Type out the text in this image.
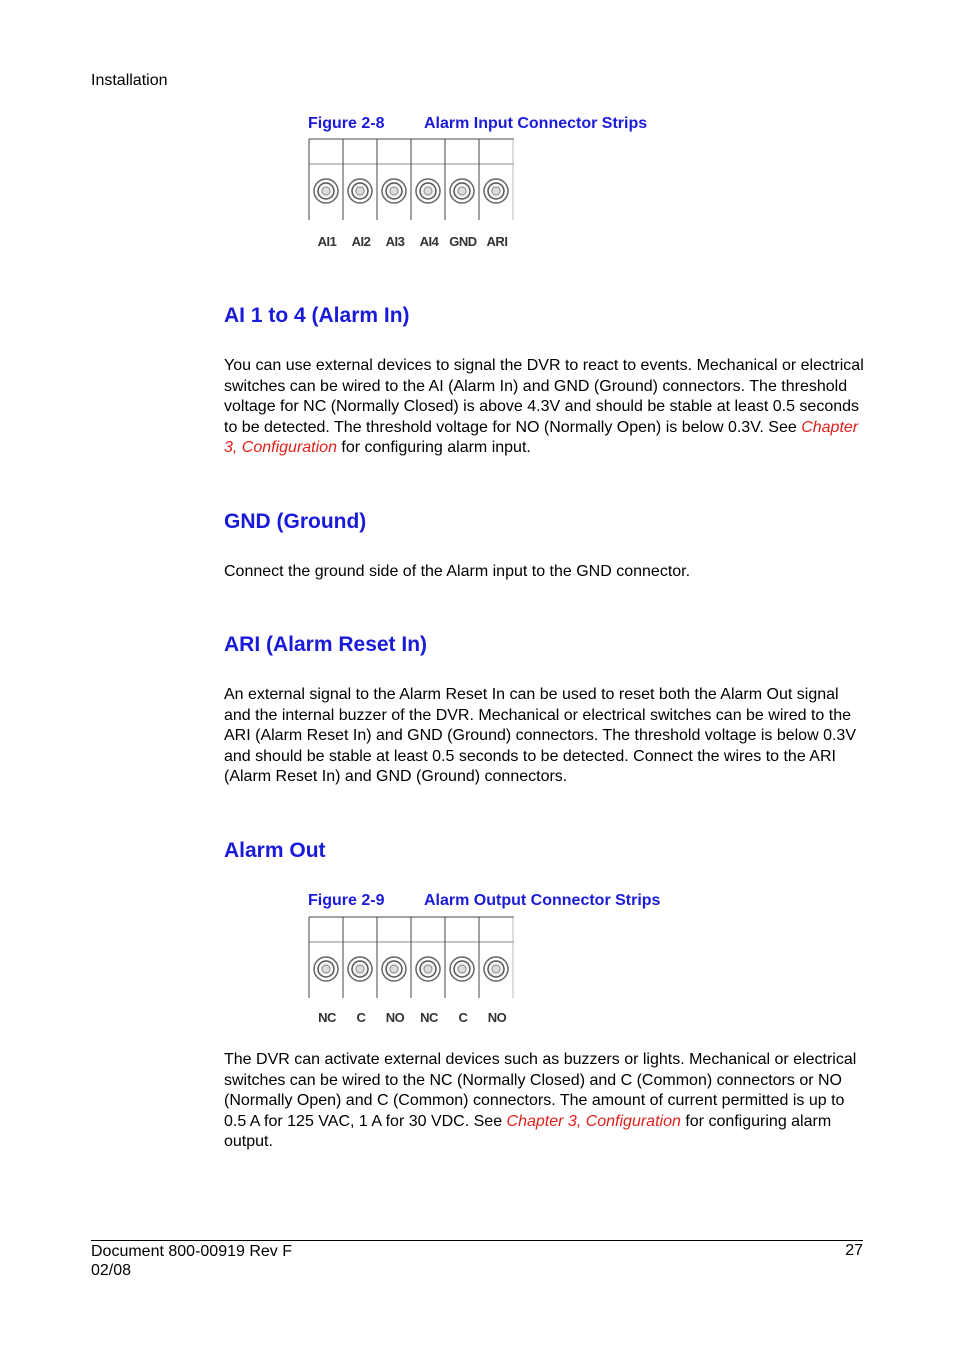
Installation
Figure 2-8 Alarm Input Connector Strips
AI1	AI2	AI3	AI4 GND ARI
AI 1 to 4 (Alarm In)
You can use external devices to signal the DVR to react to events. Mechanical or electrical switches can be wired to the AI (Alarm In) and GND (Ground) connectors. The threshold voltage for NC (Normally Closed) is above 4.3V and should be stable at least 0.5 seconds to be detected. The threshold voltage for NO (Normally Open) is below 0.3V. See Chapter 3, Configuration for configuring alarm input.
GND (Ground)
Connect the ground side of the Alarm input to the GND connector.
ARI (Alarm Reset In)
An external signal to the Alarm Reset In can be used to reset both the Alarm Out signal and the internal buzzer of the DVR. Mechanical or electrical switches can be wired to the ARI (Alarm Reset In) and GND (Ground) connectors. The threshold voltage is below 0.3V and should be stable at least 0.5 seconds to be detected. Connect the wires to the ARI (Alarm Reset In) and GND (Ground) connectors.
Alarm Out
Figure 2-9 Alarm Output Connector Strips
NC	C	NO	NC	C	NO
The DVR can activate external devices such as buzzers or lights. Mechanical or electrical switches can be wired to the NC (Normally Closed) and C (Common) connectors or NO (Normally Open) and C (Common) connectors. The amount of current permitted is up to 0.5 A for 125 VAC, 1 A for 30 VDC. See Chapter 3, Configuration for configuring alarm output.
Document 800-00919 Rev F
02/08
27
